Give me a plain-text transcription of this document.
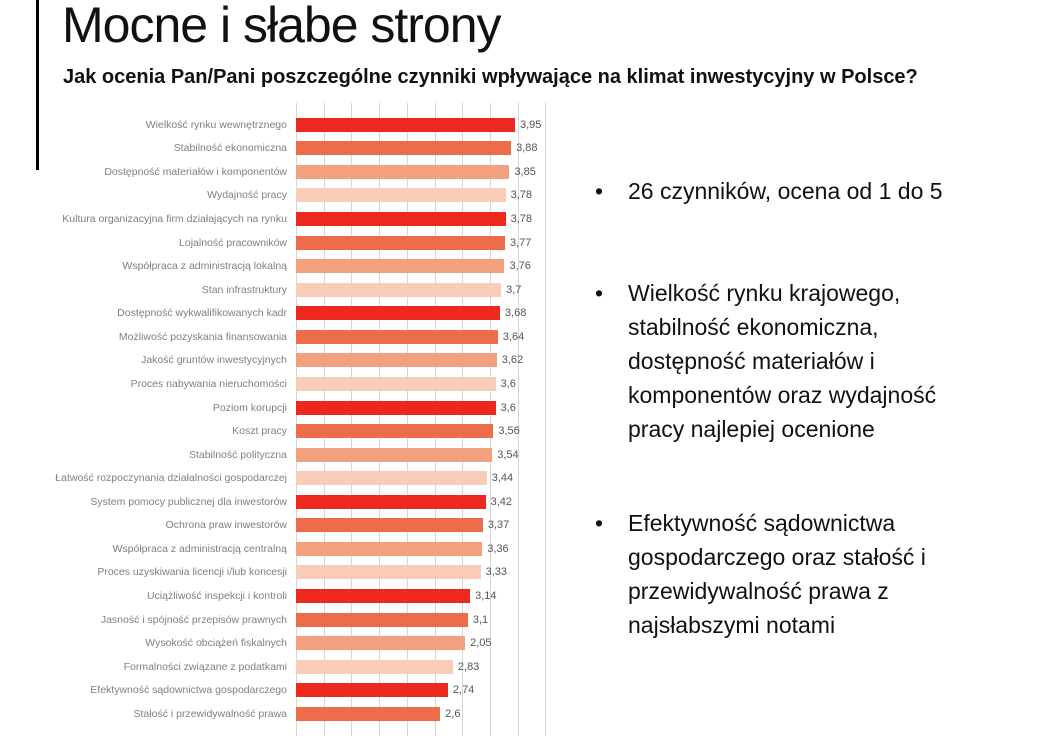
Mocne i słabe strony
Jak ocenia Pan/Pani poszczególne czynniki wpływające na klimat inwestycyjny w Polsce?
Wielkość rynku wewnętrznego	3,95
Stabilność ekonomiczna	3,88
Dostępność materiałów i komponentów	3,85
Wydajność pracy	3,78
Kultura organizacyjna firm działających na rynku	3,78
Lojalność pracowników	3,77
Współpraca z administracją lokalną	3,76
Stan infrastruktury	3,7
Dostępność wykwalifikowanych kadr	3,68
Możliwość pozyskania finansowania	3,64
Jakość gruntów inwestycyjnych	3,62
Proces nabywania nieruchomości	3,6
Poziom korupcji	3,6
Koszt pracy	3,56
Stabilność polityczna	3,54
Łatwość rozpoczynania działalności gospodarczej	3,44
System pomocy publicznej dla inwestorów	3,42
Ochrona praw inwestorów	3,37
Współpraca z administracją centralną	3,36
Proces uzyskiwania licencji i/lub koncesji	3,33
Uciążliwość inspekcji i kontroli	3,14
Jasność i spójność przepisów prawnych	3,1
Wysokość obciążeń fiskalnych	2,05
Formalności związane z podatkami	2,83
Efektywność sądownictwa gospodarczego	2,74
Stałość i przewidywalność prawa	2,6
• 26 czynników, ocena od 1 do 5
• Wielkość rynku krajowego, stabilność ekonomiczna, dostępność materiałów i komponentów oraz wydajność pracy najlepiej ocenione
• Efektywność sądownictwa gospodarczego oraz stałość i przewidywalność prawa z najsłabszymi notami
